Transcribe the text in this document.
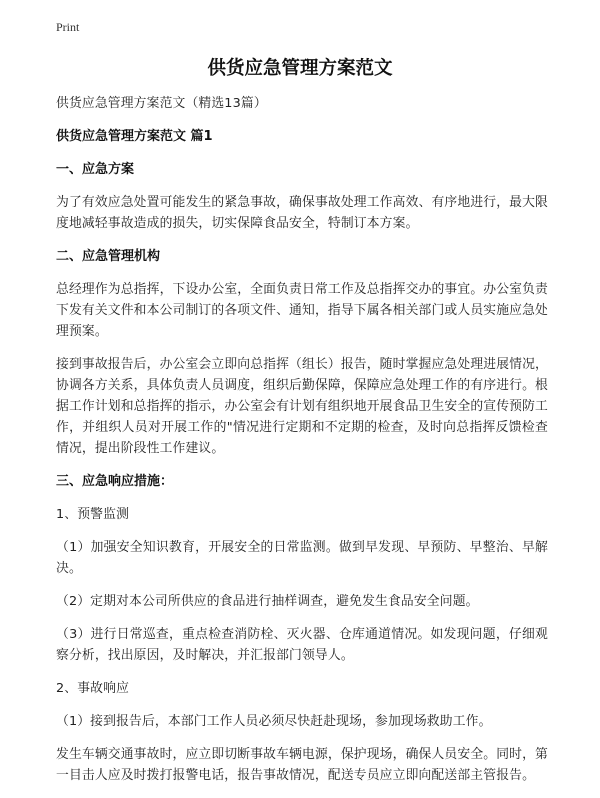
Print
供货应急管理方案范文

供货应急管理方案范文（精选13篇）

供货应急管理方案范文 篇1
一、应急方案

为了有效应急处置可能发生的紧急事故，确保事故处理工作高效、有序地进行，最大限度地减轻事故造成的损失，切实保障食品安全，特制订本方案。

二、应急管理机构

总经理作为总指挥，下设办公室，全面负责日常工作及总指挥交办的事宜。办公室负责下发有关文件和本公司制订的各项文件、通知，指导下属各相关部门或人员实施应急处理预案。

接到事故报告后，办公室会立即向总指挥（组长）报告，随时掌握应急处理进展情况，协调各方关系，具体负责人员调度，组织后勤保障，保障应急处理工作的有序进行。根据工作计划和总指挥的指示，办公室会有计划有组织地开展食品卫生安全的宣传预防工作，并组织人员对开展工作的"情况进行定期和不定期的检查，及时向总指挥反馈检查情况，提出阶段性工作建议。

三、应急响应措施：

1、预警监测

（1）加强安全知识教育，开展安全的日常监测。做到早发现、早预防、早整治、早解决。

（2）定期对本公司所供应的食品进行抽样调查，避免发生食品安全问题。

（3）进行日常巡查，重点检查消防栓、灭火器、仓库通道情况。如发现问题，仔细观察分析，找出原因，及时解决，并汇报部门领导人。

2、事故响应

（1）接到报告后，本部门工作人员必须尽快赶赴现场，参加现场救助工作。

发生车辆交通事故时，应立即切断事故车辆电源，保护现场，确保人员安全。同时，第一目击人应及时拨打报警电话，报告事故情况，配送专员应立即向配送部主管报告。
